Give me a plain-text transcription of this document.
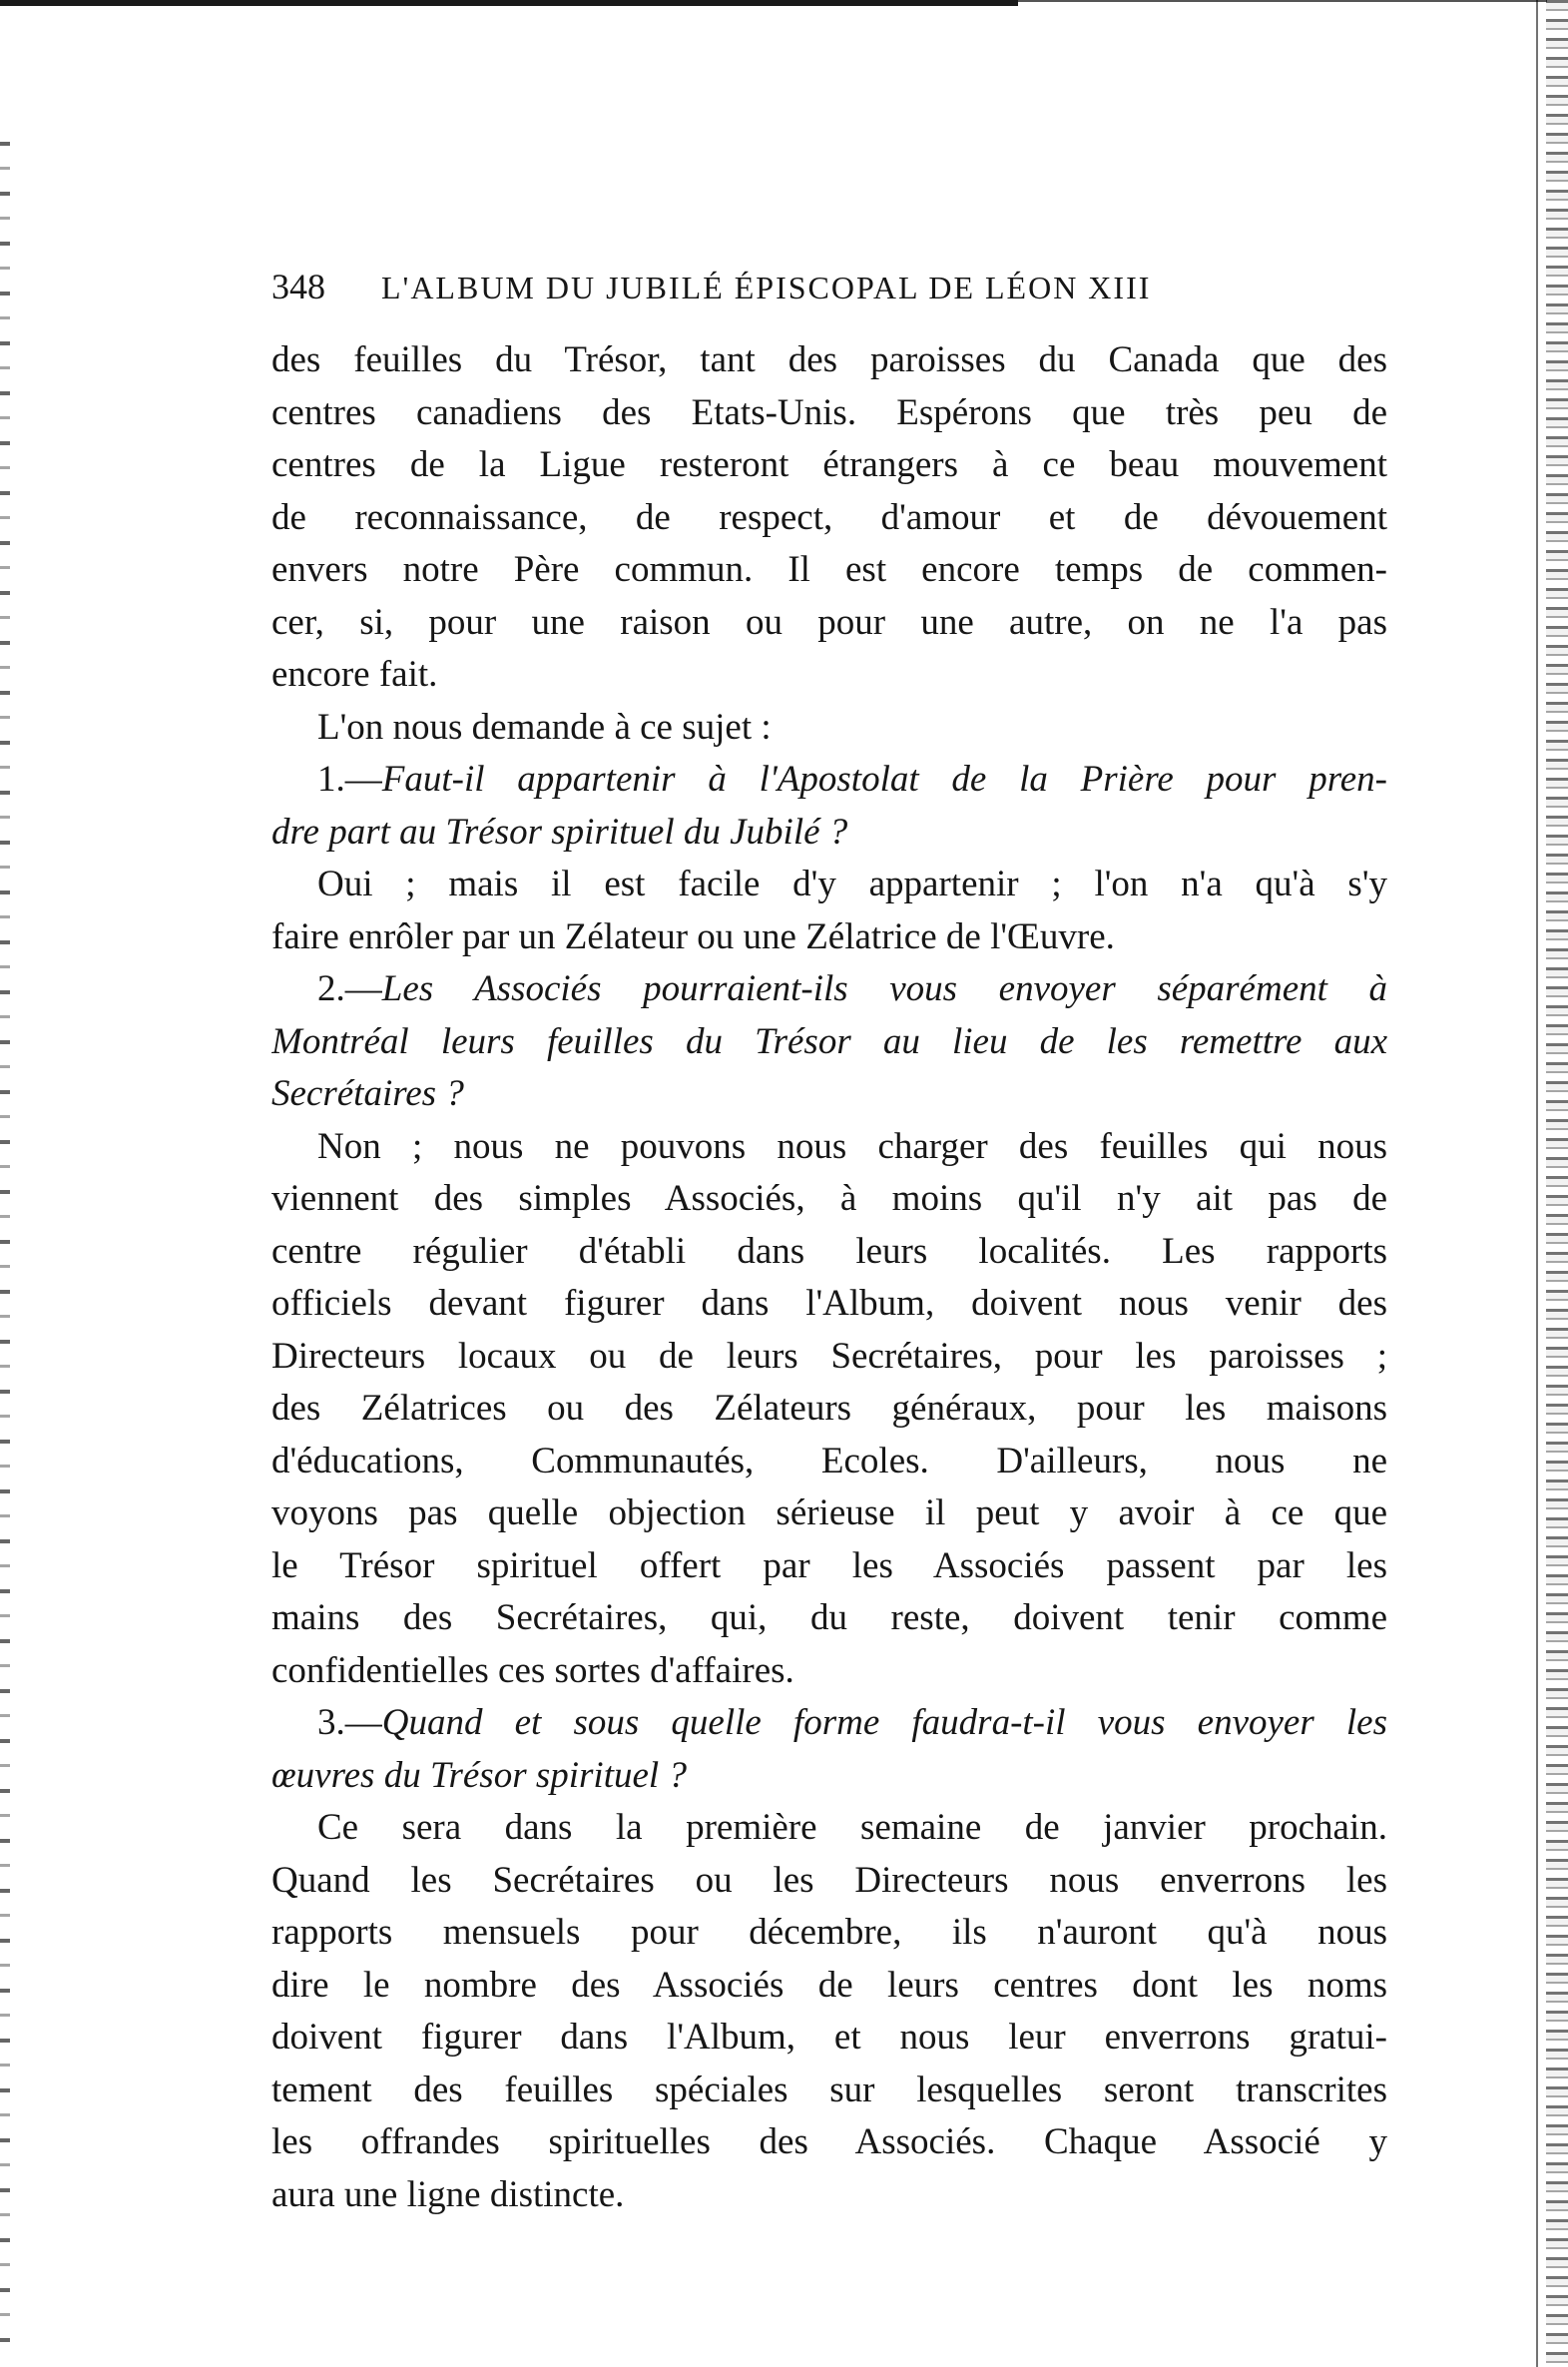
348 L'ALBUM DU JUBILÉ ÉPISCOPAL DE LÉON XIII
des feuilles du Trésor, tant des paroisses du Canada que des
centres canadiens des Etats-Unis. Espérons que très peu de
centres de la Ligue resteront étrangers à ce beau mouvement
de reconnaissance, de respect, d'amour et de dévouement
envers notre Père commun. Il est encore temps de commen-
cer, si, pour une raison ou pour une autre, on ne l'a pas
encore fait.
L'on nous demande à ce sujet :
1.—Faut-il appartenir à l'Apostolat de la Prière pour pren-
dre part au Trésor spirituel du Jubilé ?
Oui ; mais il est facile d'y appartenir ; l'on n'a qu'à s'y
faire enrôler par un Zélateur ou une Zélatrice de l'Œuvre.
2.—Les Associés pourraient-ils vous envoyer séparément à
Montréal leurs feuilles du Trésor au lieu de les remettre aux
Secrétaires ?
Non ; nous ne pouvons nous charger des feuilles qui nous
viennent des simples Associés, à moins qu'il n'y ait pas de
centre régulier d'établi dans leurs localités. Les rapports
officiels devant figurer dans l'Album, doivent nous venir des
Directeurs locaux ou de leurs Secrétaires, pour les paroisses ;
des Zélatrices ou des Zélateurs généraux, pour les maisons
d'éducations, Communautés, Ecoles. D'ailleurs, nous ne
voyons pas quelle objection sérieuse il peut y avoir à ce que
le Trésor spirituel offert par les Associés passent par les
mains des Secrétaires, qui, du reste, doivent tenir comme
confidentielles ces sortes d'affaires.
3.—Quand et sous quelle forme faudra-t-il vous envoyer les
œuvres du Trésor spirituel ?
Ce sera dans la première semaine de janvier prochain.
Quand les Secrétaires ou les Directeurs nous enverrons les
rapports mensuels pour décembre, ils n'auront qu'à nous
dire le nombre des Associés de leurs centres dont les noms
doivent figurer dans l'Album, et nous leur enverrons gratui-
tement des feuilles spéciales sur lesquelles seront transcrites
les offrandes spirituelles des Associés. Chaque Associé y
aura une ligne distincte.
